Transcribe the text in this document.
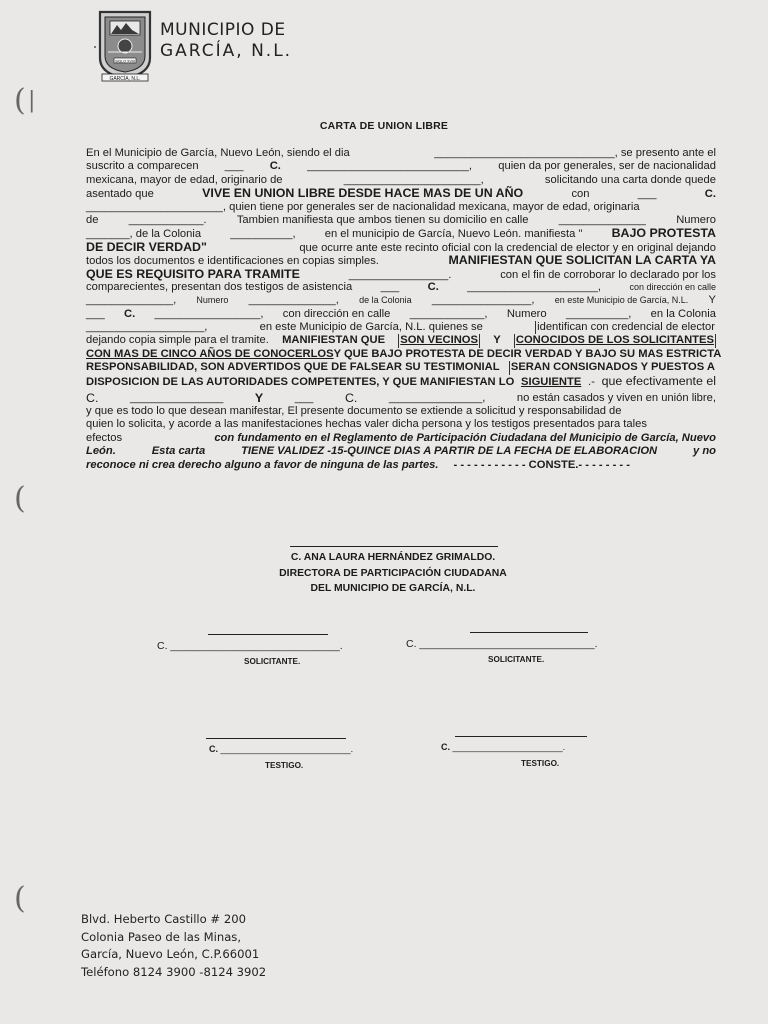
GARCÍA, N.L.
SIGLO XVIII
MUNICIPIO DE
GARCÍA, N.L.
( |
(
(
CARTA DE UNION LIBRE
En el Municipio de García, Nuevo León, siendo el dia	_____________________________, se presento ante el
suscrito a comparecen ___ C. __________________________, quien da por generales, ser de nacionalidad
mexicana, mayor de edad, originario de	______________________,	solicitando una carta donde quede
asentado que	VIVE EN UNION LIBRE DESDE HACE MAS DE UN AÑO	con	___	C.
______________________, quien tiene por generales ser de nacionalidad mexicana, mayor de edad, originaria
de	____________.	Tambien manifiesta que ambos tienen su domicilio en calle	______________	Numero
_______, de la Colonia	__________,	en el municipio de García, Nuevo León. manifiesta " BAJO PROTESTA
DE DECIR VERDAD"	que ocurre ante este recinto oficial con la credencial de elector y en original dejando
todos los documentos e identificaciones en copias simples.	MANIFIESTAN QUE SOLICITAN LA CARTA YA
QUE ES REQUISITO PARA TRAMITE	________________.	con el fin de corroborar lo declarado por los
comparecientes, presentan dos testigos de asistencia	___	C.	_____________________,	con dirección en calle
______________, Numero ______________, de la Colonia ________________, en este Municipio de García, N.L. Y
___ C. _________________, con dirección en calle ____________, Numero __________, en la Colonia
___________________,	en este Municipio de García, N.L. quienes se	identifican con credencial de elector
dejando copia simple para el tramite. MANIFIESTAN QUE SON VECINOS Y CONOCIDOS DE LOS SOLICITANTES
CON MAS DE CINCO AÑOS DE CONOCERLOS Y QUE BAJO PROTESTA DE DECIR VERDAD Y BAJO SU MAS ESTRICTA
RESPONSABILIDAD, SON ADVERTIDOS QUE DE FALSEAR SU TESTIMONIAL SERAN CONSIGNADOS Y PUESTOS A
DISPOSICION DE LAS AUTORIDADES COMPETENTES, Y QUE MANIFIESTAN LO SIGUIENTE .- que efectivamente el
C.	_______________	Y	___	C.	_______________,	no están casados y viven en unión libre,
y que es todo lo que desean manifestar, El presente documento se extiende a solicitud y responsabilidad de
quien lo solicita, y acorde a las manifestaciones hechas valer dicha persona y los testigos presentados para tales
efectos	con fundamento en el Reglamento de Participación Ciudadana del Municipio de García, Nuevo
León.	Esta carta	TIENE VALIDEZ -15-QUINCE DIAS A PARTIR DE LA FECHA DE ELABORACION	y no
reconoce ni crea derecho alguno a favor de ninguna de las partes. - - - - - - - - - - - CONSTE.- - - - - - - -
C. ANA LAURA HERNÁNDEZ GRIMALDO.
DIRECTORA DE PARTICIPACIÓN CIUDADANA
DEL MUNICIPIO DE GARCÍA, N.L.
C. _____________________________.
SOLICITANTE.
C. ______________________________.
SOLICITANTE.
C. __________________________.
TESTIGO.
C. ______________________.
TESTIGO.
Blvd. Heberto Castillo # 200
Colonia Paseo de las Minas,
García, Nuevo León, C.P.66001
Teléfono 8124 3900 -8124 3902
